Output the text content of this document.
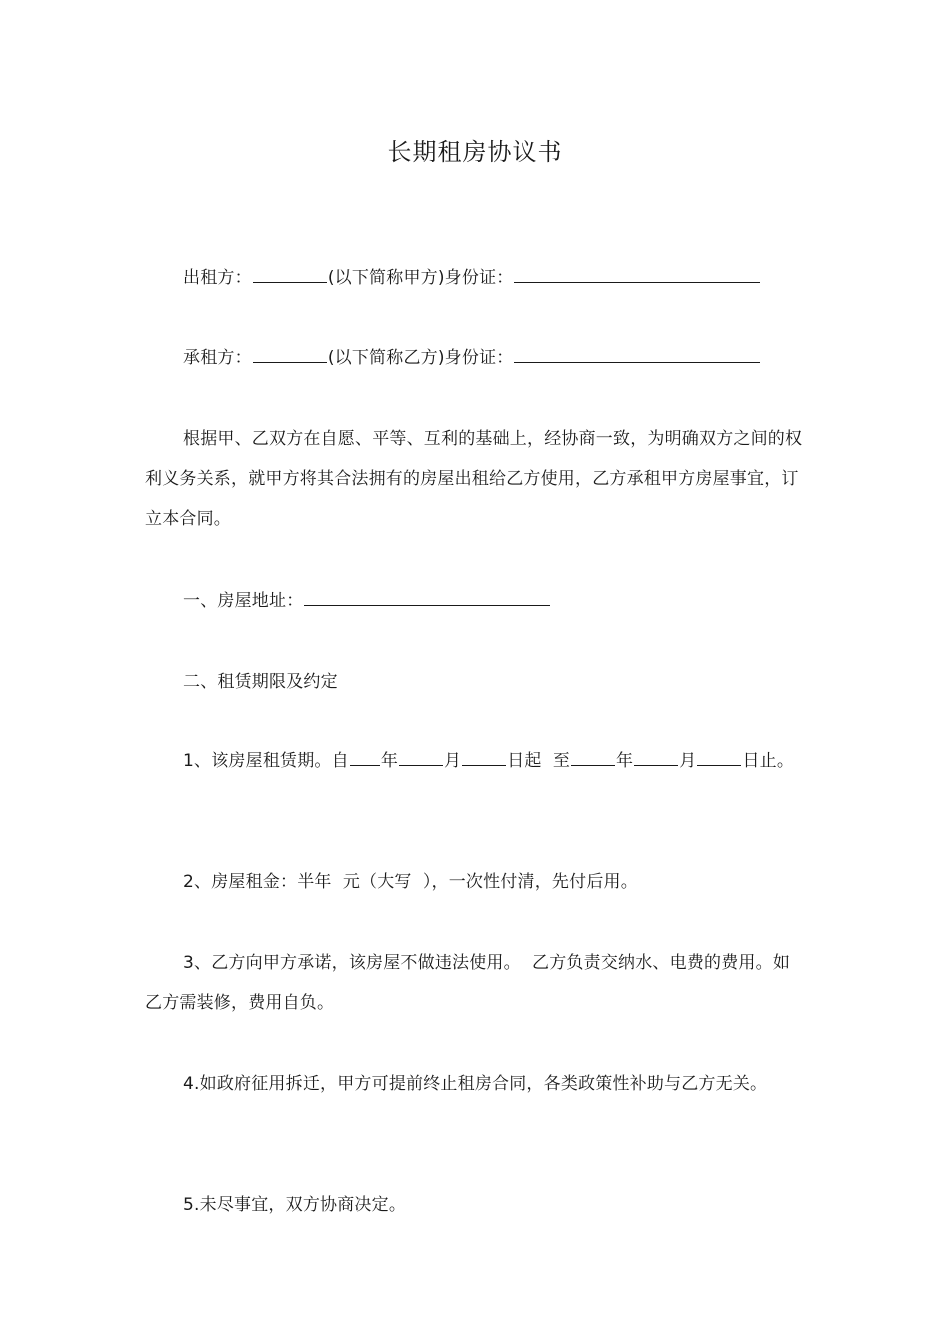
长期租房协议书
出租方：	(以下简称甲方)身份证：
承租方：	(以下简称乙方)身份证：
根据甲、乙双方在自愿、平等、互利的基础上，经协商一致，为明确双方之间的权利义务关系，就甲方将其合法拥有的房屋出租给乙方使用，乙方承租甲方房屋事宜，订立本合同。
一、房屋地址：
二、租赁期限及约定
1、该房屋租赁期。自 年	月	日起  至	年	月	日止。
2、房屋租金：半年  元（大写  ），一次性付清，先付后用。
3、乙方向甲方承诺，该房屋不做违法使用。  乙方负责交纳水、电费的费用。如乙方需装修，费用自负。
4.如政府征用拆迁，甲方可提前终止租房合同，各类政策性补助与乙方无关。
5.未尽事宜，双方协商决定。
